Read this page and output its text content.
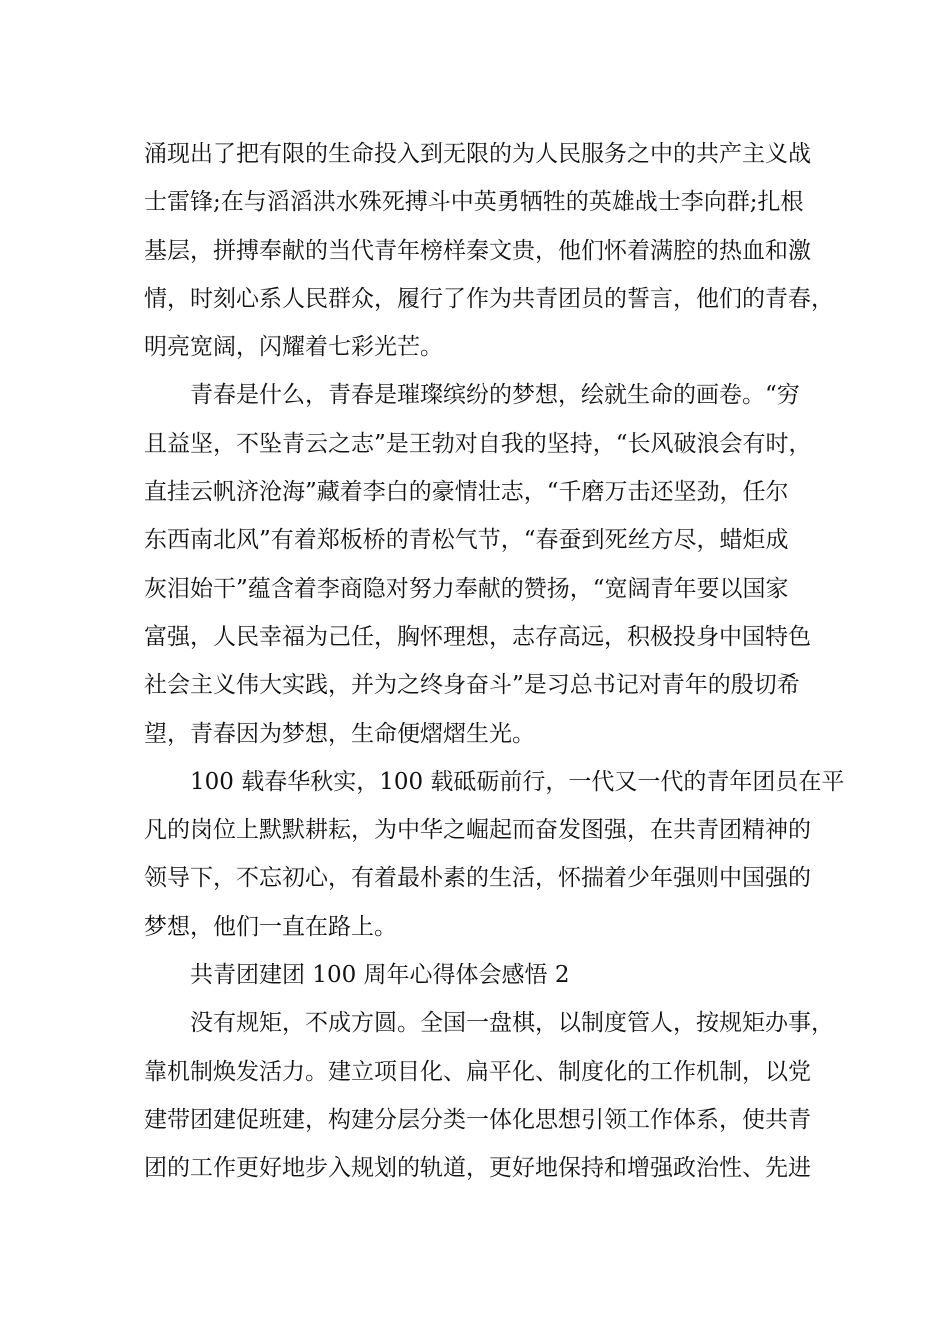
涌现出了把有限的生命投入到无限的为人民服务之中的共产主义战
士雷锋;在与滔滔洪水殊死搏斗中英勇牺牲的英雄战士李向群;扎根
基层，拼搏奉献的当代青年榜样秦文贵，他们怀着满腔的热血和激
情，时刻心系人民群众，履行了作为共青团员的誓言，他们的青春，
明亮宽阔，闪耀着七彩光芒。
青春是什么，青春是璀璨缤纷的梦想，绘就生命的画卷。“穷
且益坚，不坠青云之志”是王勃对自我的坚持，“长风破浪会有时，
直挂云帆济沧海”藏着李白的豪情壮志，“千磨万击还坚劲，任尔
东西南北风”有着郑板桥的青松气节，“春蚕到死丝方尽，蜡炬成
灰泪始干”蕴含着李商隐对努力奉献的赞扬，“宽阔青年要以国家
富强，人民幸福为己任，胸怀理想，志存高远，积极投身中国特色
社会主义伟大实践，并为之终身奋斗”是习总书记对青年的殷切希
望，青春因为梦想，生命便熠熠生光。
100 载春华秋实，100 载砥砺前行，一代又一代的青年团员在平
凡的岗位上默默耕耘，为中华之崛起而奋发图强，在共青团精神的
领导下，不忘初心，有着最朴素的生活，怀揣着少年强则中国强的
梦想，他们一直在路上。
共青团建团 100 周年心得体会感悟 2
没有规矩，不成方圆。全国一盘棋，以制度管人，按规矩办事，
靠机制焕发活力。建立项目化、扁平化、制度化的工作机制，以党
建带团建促班建，构建分层分类一体化思想引领工作体系，使共青
团的工作更好地步入规划的轨道，更好地保持和增强政治性、先进
